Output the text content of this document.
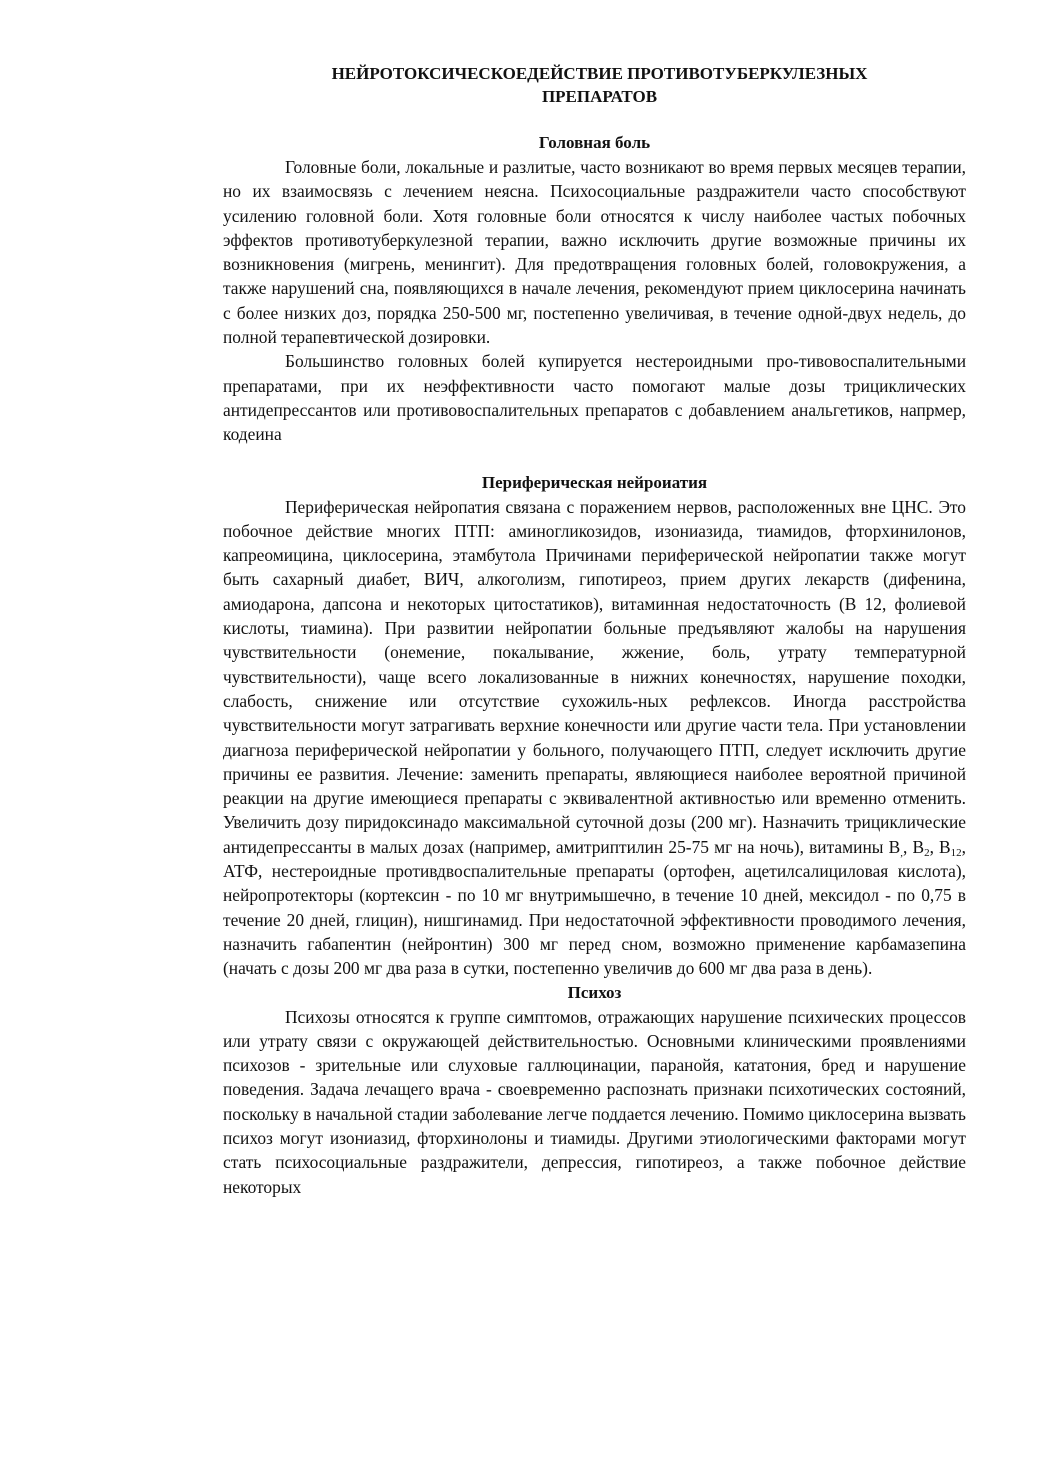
НЕЙРОТОКСИЧЕСКОЕДЕЙСТВИЕ ПРОТИВОТУБЕРКУЛЕЗНЫХ
ПРЕПАРАТОВ
Головная боль

Головные боли, локальные и разлитые, часто возникают во время первых месяцев терапии, но их взаимосвязь с лечением неясна. Психосоциальные раздражители часто способствуют усилению головной боли. Хотя головные боли относятся к числу наиболее частых побочных эффектов противотуберкулезной терапии, важно исключить другие возможные причины их возникновения (мигрень, менингит). Для предотвращения головных болей, головокружения, а также нарушений сна, появляющихся в начале лечения, рекомендуют прием циклосерина начинать с более низких доз, порядка 250-500 мг, постепенно увеличивая, в течение одной-двух недель, до полной терапевтической дозировки.

Большинство головных болей купируется нестероидными про-тивовоспалительными препаратами, при их неэффективности часто помогают малые дозы трициклических антидепрессантов или противовоспалительных препаратов с добавлением анальгетиков, напрмер, кодеина

Периферическая нейроиатия

Периферическая нейропатия связана с поражением нервов, расположенных вне ЦНС. Это побочное действие многих ПТП: аминогликозидов, изониазида, тиамидов, фторхинилонов, капреомицина, циклосерина, этамбутола Причинами периферической нейропатии также могут быть сахарный диабет, ВИЧ, алкоголизм, гипотиреоз, прием других лекарств (дифенина, амиодарона, дапсона и некоторых цитостатиков), витаминная недостаточность (В 12, фолиевой кислоты, тиамина). При развитии нейропатии больные предъявляют жалобы на нарушения чувствительности (онемение, покалывание, жжение, боль, утрату температурной чувствительности), чаще всего локализованные в нижних конечностях, нарушение походки, слабость, снижение или отсутствие сухожиль-ных рефлексов. Иногда расстройства чувствительности могут затрагивать верхние конечности или другие части тела. При установлении диагноза периферической нейропатии у больного, получающего ПТП, следует исключить другие причины ее развития. Лечение: заменить препараты, являющиеся наиболее вероятной причиной реакции на другие имеющиеся препараты с эквивалентной активностью или временно отменить. Увеличить дозу пиридоксинадо максимальной суточной дозы (200 мг). Назначить трициклические антидепрессанты в малых дозах (например, амитриптилин 25-75 мг на ночь), витамины $В_,$, $В_2$, $В_{12}$, АТФ, нестероидные противдвоспалительные препараты (ортофен, ацетилсалициловая кислота), нейропротекторы (кортексин - по 10 мг внутримышечно, в течение 10 дней, мексидол - по 0,75 в течение 20 дней, глицин), нишгинамид. При недостаточной эффективности проводимого лечения, назначить габапентин (нейронтин) 300 мг перед сном, возможно применение карбамазепина (начать с дозы 200 мг два раза в сутки, постепенно увеличив до 600 мг два раза в день).

Психоз

Психозы относятся к группе симптомов, отражающих нарушение психических процессов или утрату связи с окружающей действительностью. Основными клиническими проявлениями психозов - зрительные или слуховые галлюцинации, паранойя, кататония, бред и нарушение поведения. Задача лечащего врача - своевременно распознать признаки психотических состояний, поскольку в начальной стадии заболевание легче поддается лечению. Помимо циклосерина вызвать психоз могут изониазид, фторхинолоны и тиамиды. Другими этиологическими факторами могут стать психосоциальные раздражители, депрессия, гипотиреоз, а также побочное действие некоторых
